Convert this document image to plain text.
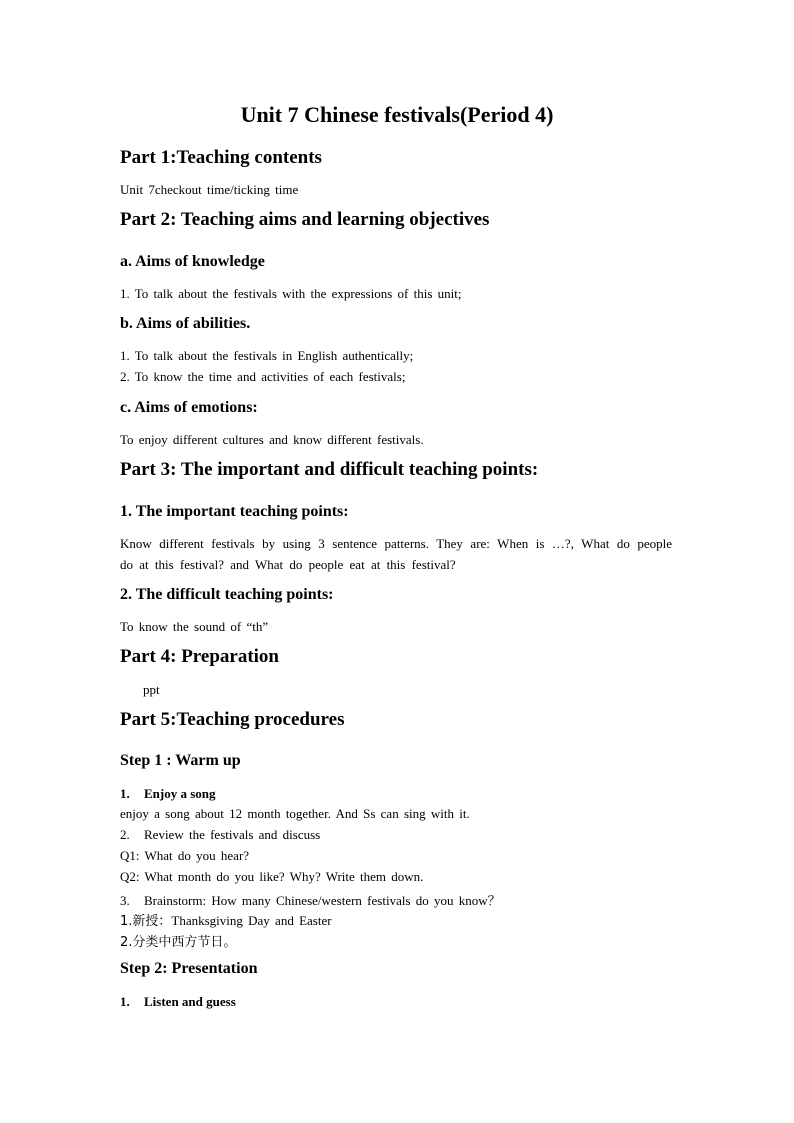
Unit 7 Chinese festivals(Period 4)
Part 1:Teaching contents

Unit 7checkout time/ticking time

Part 2: Teaching aims and learning objectives
a. Aims of knowledge

1. To talk about the festivals with the expressions of this unit;

b. Aims of abilities.

1. To talk about the festivals in English authentically;

2. To know the time and activities of each festivals;

c. Aims of emotions:

To enjoy different cultures and know different festivals.

Part 3: The important and difficult teaching points:
1. The important teaching points:

Know different festivals by using 3 sentence patterns. They are: When is …?, What do people do at this festival? and What do people eat at this festival?

2. The difficult teaching points:

To know the sound of “th”

Part 4: Preparation

ppt

Part 5:Teaching procedures
Step 1 : Warm up

1. Enjoy a song

enjoy a song about 12 month together. And Ss can sing with it.

2. Review the festivals and discuss

Q1: What do you hear?

Q2: What month do you like? Why? Write them down.

3. Brainstorm: How many Chinese/western festivals do you know？

1.新授：Thanksgiving Day and Easter

2.分类中西方节日。

Step 2: Presentation

1. Listen and guess
